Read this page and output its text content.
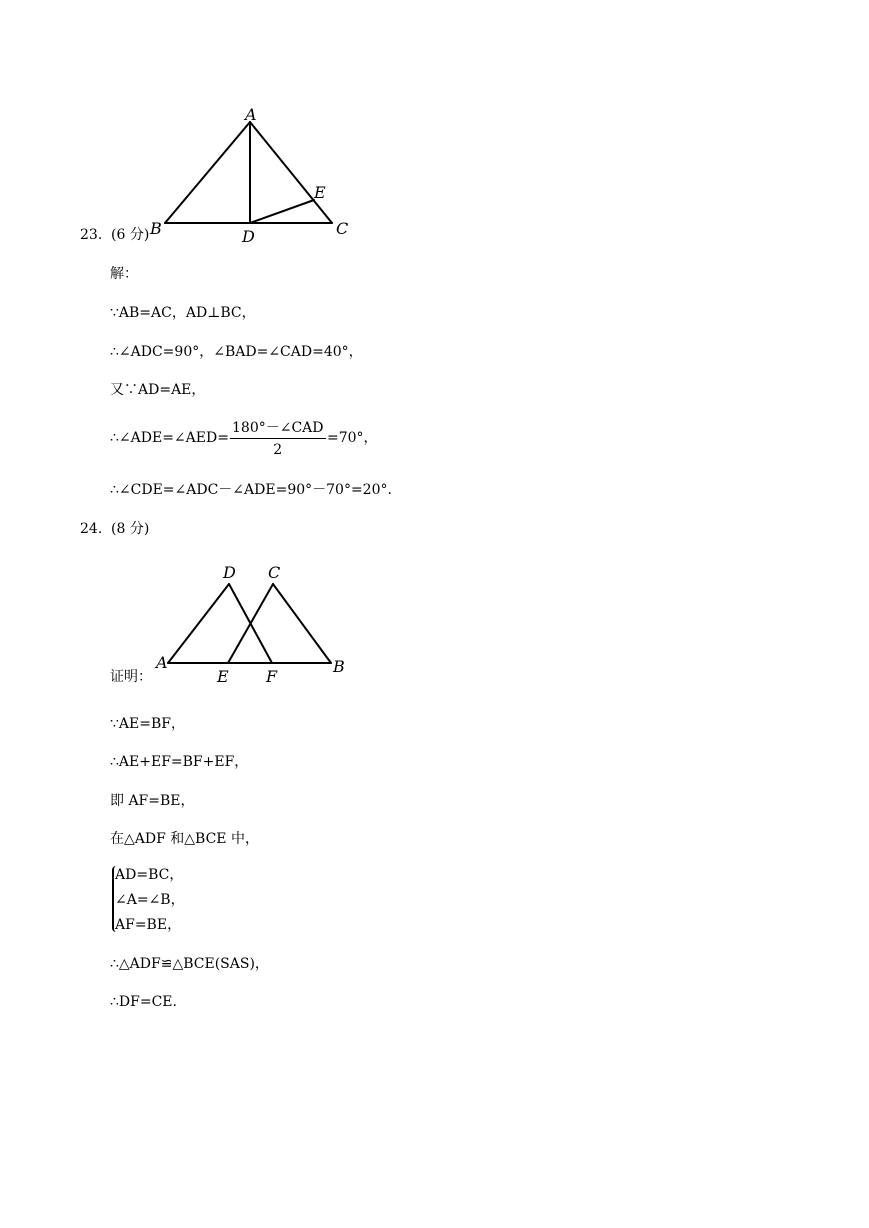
A
B	C
D
E
23. (6 分)
解：
∵AB=AC，AD⊥BC，
∴∠ADC=90°，∠BAD=∠CAD=40°，
又∵AD=AE，
∴∠ADE=∠AED=
180°－∠CAD
2
=70°，
∴∠CDE=∠ADC－∠ADE=90°－70°=20°.
24. (8 分)
D C
A	B
E F
证明：
∵AE=BF，
∴AE+EF=BF+EF，
即 AF=BE，
在△ADF 和△BCE 中，
AD=BC，
∠A=∠B，
AF=BE，
∴△ADF≌△BCE(SAS)，
∴DF=CE.
